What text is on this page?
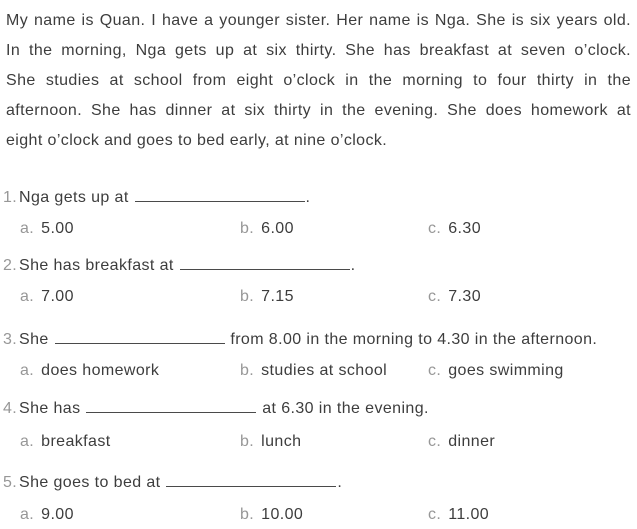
My name is Quan. I have a younger sister. Her name is Nga. She is six years old.
In the morning, Nga gets up at six thirty. She has breakfast at seven o’clock.
She studies at school from eight o’clock in the morning to four thirty in the
afternoon. She has dinner at six thirty in the evening. She does homework at
eight o’clock and goes to bed early, at nine o’clock.
1. Nga gets up at	.
a. 5.00	b. 6.00	c. 6.30
2. She has breakfast at	.
a. 7.00	b. 7.15	c. 7.30
3. She	from 8.00 in the morning to 4.30 in the afternoon.
a. does homework	b. studies at school	c. goes swimming
4. She has	at 6.30 in the evening.
a. breakfast	b. lunch	c. dinner
5. She goes to bed at	.
a. 9.00	b. 10.00	c. 11.00
